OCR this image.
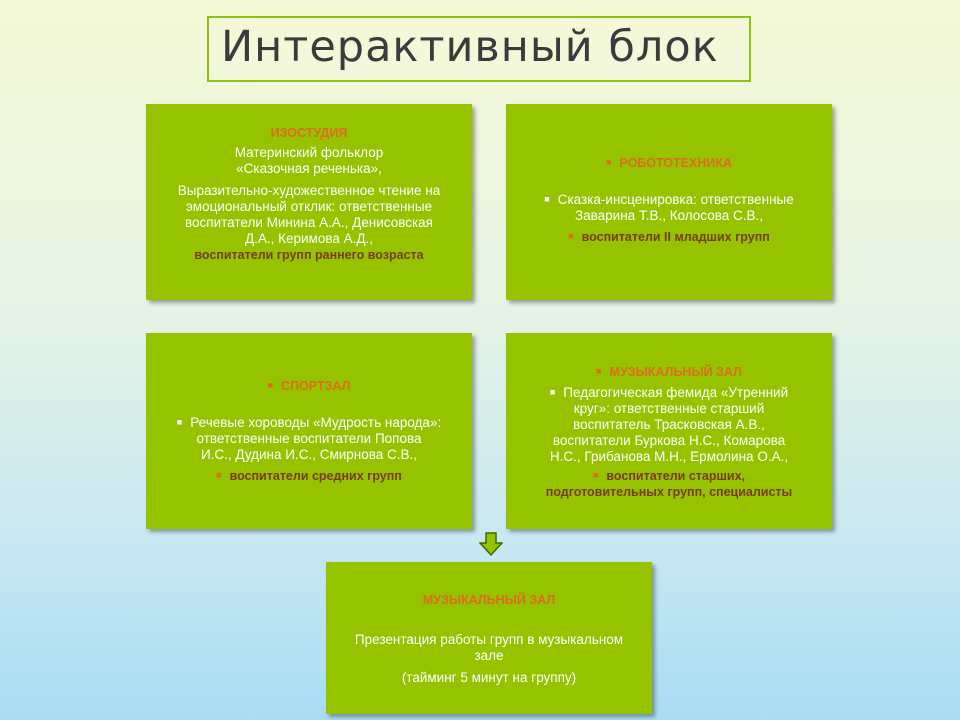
Интерактивный блок
ИЗОСТУДИЯ
Материнский фольклор
«Сказочная реченька»,
Выразительно-художественное чтение на
эмоциональный отклик: ответственные
воспитатели Минина А.А., Денисовская
Д.А., Керимова А.Д.,
воспитатели групп раннего возраста
■ РОБОТОТЕХНИКА
■ Сказка-инсценировка: ответственные
Заварина Т.В., Колосова С.В.,
■ воспитатели II младших групп
■ СПОРТЗАЛ
■ Речевые хороводы «Мудрость народа»:
ответственные воспитатели Попова
И.С., Дудина И.С., Смирнова С.В.,
■ воспитатели средних групп
■ МУЗЫКАЛЬНЫЙ ЗАЛ
■ Педагогическая фемида «Утренний
круг»: ответственные старший
воспитатель Трасковская А.В.,
воспитатели Буркова Н.С., Комарова
Н.С., Грибанова М.Н., Ермолина О.А.,
■ воспитатели старших,
подготовительных групп, специалисты
МУЗЫКАЛЬНЫЙ ЗАЛ
Презентация работы групп в музыкальном
зале
(тайминг 5 минут на группу)
